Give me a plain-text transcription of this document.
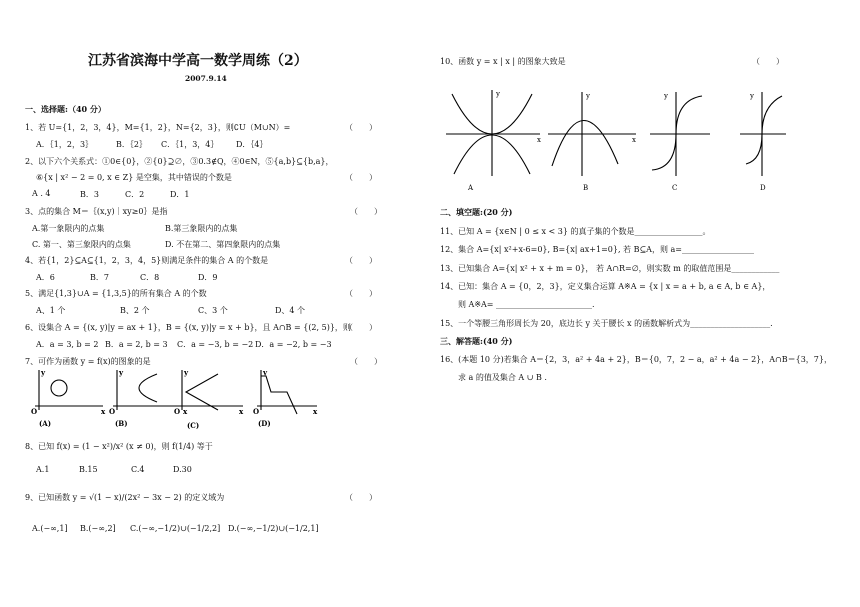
江苏省滨海中学高一数学周练（2）
2007.9.14
一、选择题:（40 分）
1、若 U={1，2，3，4}，M={1，2}，N={2，3}，则∁U（M∪N）=	（　　）
A．｛1，2，3｝	B．｛2｝ C．｛1，3，4｝ D．｛4｝
2、以下六个关系式：①0∈{0}，②{0}⊇∅，③0.3∉Q，④0∈N，⑤{a,b}⊆{b,a}，
⑥{x | x² − 2 = 0, x ∈ Z} 是空集，其中错误的个数是	（　　）
A . 4	B．3	C．2	D．1
3、点的集合 M＝｛(x,y)｜xy≥0｝是指	（　　）
A.第一象限内的点集	B.第三象限内的点集
C. 第一、第三象限内的点集	D. 不在第二、第四象限内的点集
4、若{1，2}⊆A⊆{1，2，3，4，5}则满足条件的集合 A 的个数是	（　　）
A．6	B．7	C．8	D．9
5、满足{1,3}∪A = {1,3,5}的所有集合 A 的个数	（　　）
A、1 个	B、2 个	C、3 个	D、4 个
6、设集合 A = {(x, y)|y = ax + 1}，B = {(x, y)|y = x + b}，且 A∩B = {(2, 5)}，则
（　　）
A．a = 3, b = 2 B．a = 2, b = 3 C．a = −3, b = −2 D．a = −2, b = −3
7、可作为函数 y = f(x)的图象的是	（　　）
y
O	x
y
O	x
y
O	x
y
O	x
(A)	(B)	(C)	(D)
8、已知 f(x) = (1 − x²)/x² (x ≠ 0)，则 f(1/4) 等于
A.1	B.15	C.4	D.30
9、已知函数 y = √(1 − x)/(2x² − 3x − 2) 的定义域为	（　　）
A.(−∞,1] B.(−∞,2] C.(−∞,−1/2)∪(−1/2,2] D.(−∞,−1/2)∪(−1/2,1]
10、函数 y = x | x | 的图象大致是	（　　）
y
x
y
x
y	y
A	B	C	D
二、填空题:(20 分)
11、已知 A = {x∈N | 0 ≤ x < 3} 的真子集的个数是_________________。
12、集合 A={x| x²+x-6=0}, B={x| ax+1=0}, 若 B⊆A，则 a=__________________
13、已知集合 A={x| x² + x + m = 0}， 若 A∩R=∅，则实数 m 的取值范围是____________
14、已知：集合 A = {0，2，3}，定义集合运算 A※A = {x | x = a + b, a ∈ A, b ∈ A}，
则 A※A= ________________________.
15、一个等腰三角形周长为 20，底边长 y 关于腰长 x 的函数解析式为____________________.
三、解答题:(40 分)
16、(本题 10 分)若集合 A＝{2，3，a² + 4a + 2}，B＝{0，7，2 − a，a² + 4a − 2}，A∩B＝{3，7}，
求 a 的值及集合 A ∪ B .
